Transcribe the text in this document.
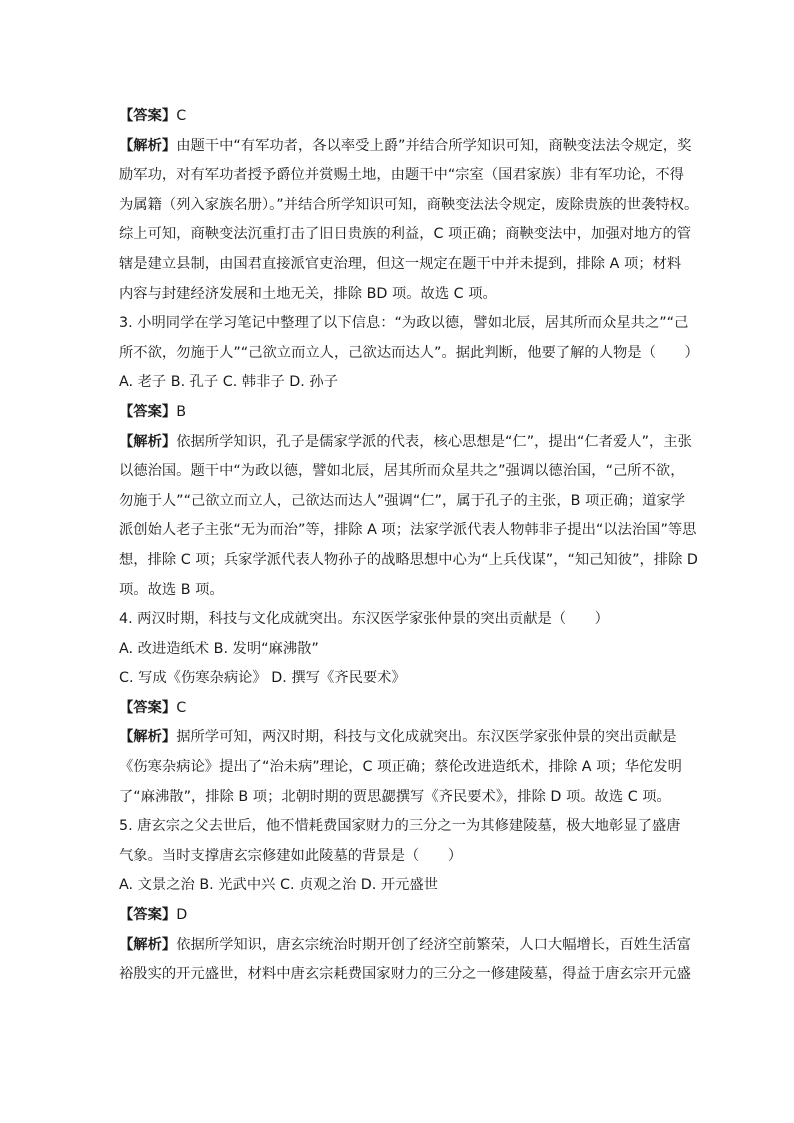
【答案】C
【解析】由题干中“有军功者，各以率受上爵”并结合所学知识可知，商鞅变法法令规定，奖
励军功，对有军功者授予爵位并赏赐土地，由题干中“宗室（国君家族）非有军功论，不得
为属籍（列入家族名册）。”并结合所学知识可知，商鞅变法法令规定，废除贵族的世袭特权。
综上可知，商鞅变法沉重打击了旧日贵族的利益，C 项正确；商鞅变法中，加强对地方的管
辖是建立县制，由国君直接派官吏治理，但这一规定在题干中并未提到，排除 A 项；材料
内容与封建经济发展和土地无关，排除 BD 项。故选 C 项。
3. 小明同学在学习笔记中整理了以下信息：“为政以德，譬如北辰，居其所而众星共之”“己
所不欲，勿施于人”“己欲立而立人，己欲达而达人”。据此判断，他要了解的人物是（　　）
A. 老子 B. 孔子 C. 韩非子 D. 孙子
【答案】B
【解析】依据所学知识，孔子是儒家学派的代表，核心思想是“仁”，提出“仁者爱人”，主张
以德治国。题干中“为政以德，譬如北辰，居其所而众星共之”强调以德治国，“己所不欲，
勿施于人”“己欲立而立人，己欲达而达人”强调“仁”，属于孔子的主张，B 项正确；道家学
派创始人老子主张“无为而治”等，排除 A 项；法家学派代表人物韩非子提出“以法治国”等思
想，排除 C 项；兵家学派代表人物孙子的战略思想中心为“上兵伐谋”，“知己知彼”，排除 D
项。故选 B 项。
4. 两汉时期，科技与文化成就突出。东汉医学家张仲景的突出贡献是（　　）
A. 改进造纸术 B. 发明“麻沸散”
C. 写成《伤寒杂病论》 D. 撰写《齐民要术》
【答案】C
【解析】据所学可知，两汉时期，科技与文化成就突出。东汉医学家张仲景的突出贡献是
《伤寒杂病论》提出了“治未病”理论，C 项正确；蔡伦改进造纸术，排除 A 项；华佗发明
了“麻沸散”，排除 B 项；北朝时期的贾思勰撰写《齐民要术》，排除 D 项。故选 C 项。
5. 唐玄宗之父去世后，他不惜耗费国家财力的三分之一为其修建陵墓，极大地彰显了盛唐
气象。当时支撑唐玄宗修建如此陵墓的背景是（　　）
A. 文景之治 B. 光武中兴 C. 贞观之治 D. 开元盛世
【答案】D
【解析】依据所学知识，唐玄宗统治时期开创了经济空前繁荣，人口大幅增长，百姓生活富
裕殷实的开元盛世，材料中唐玄宗耗费国家财力的三分之一修建陵墓，得益于唐玄宗开元盛
